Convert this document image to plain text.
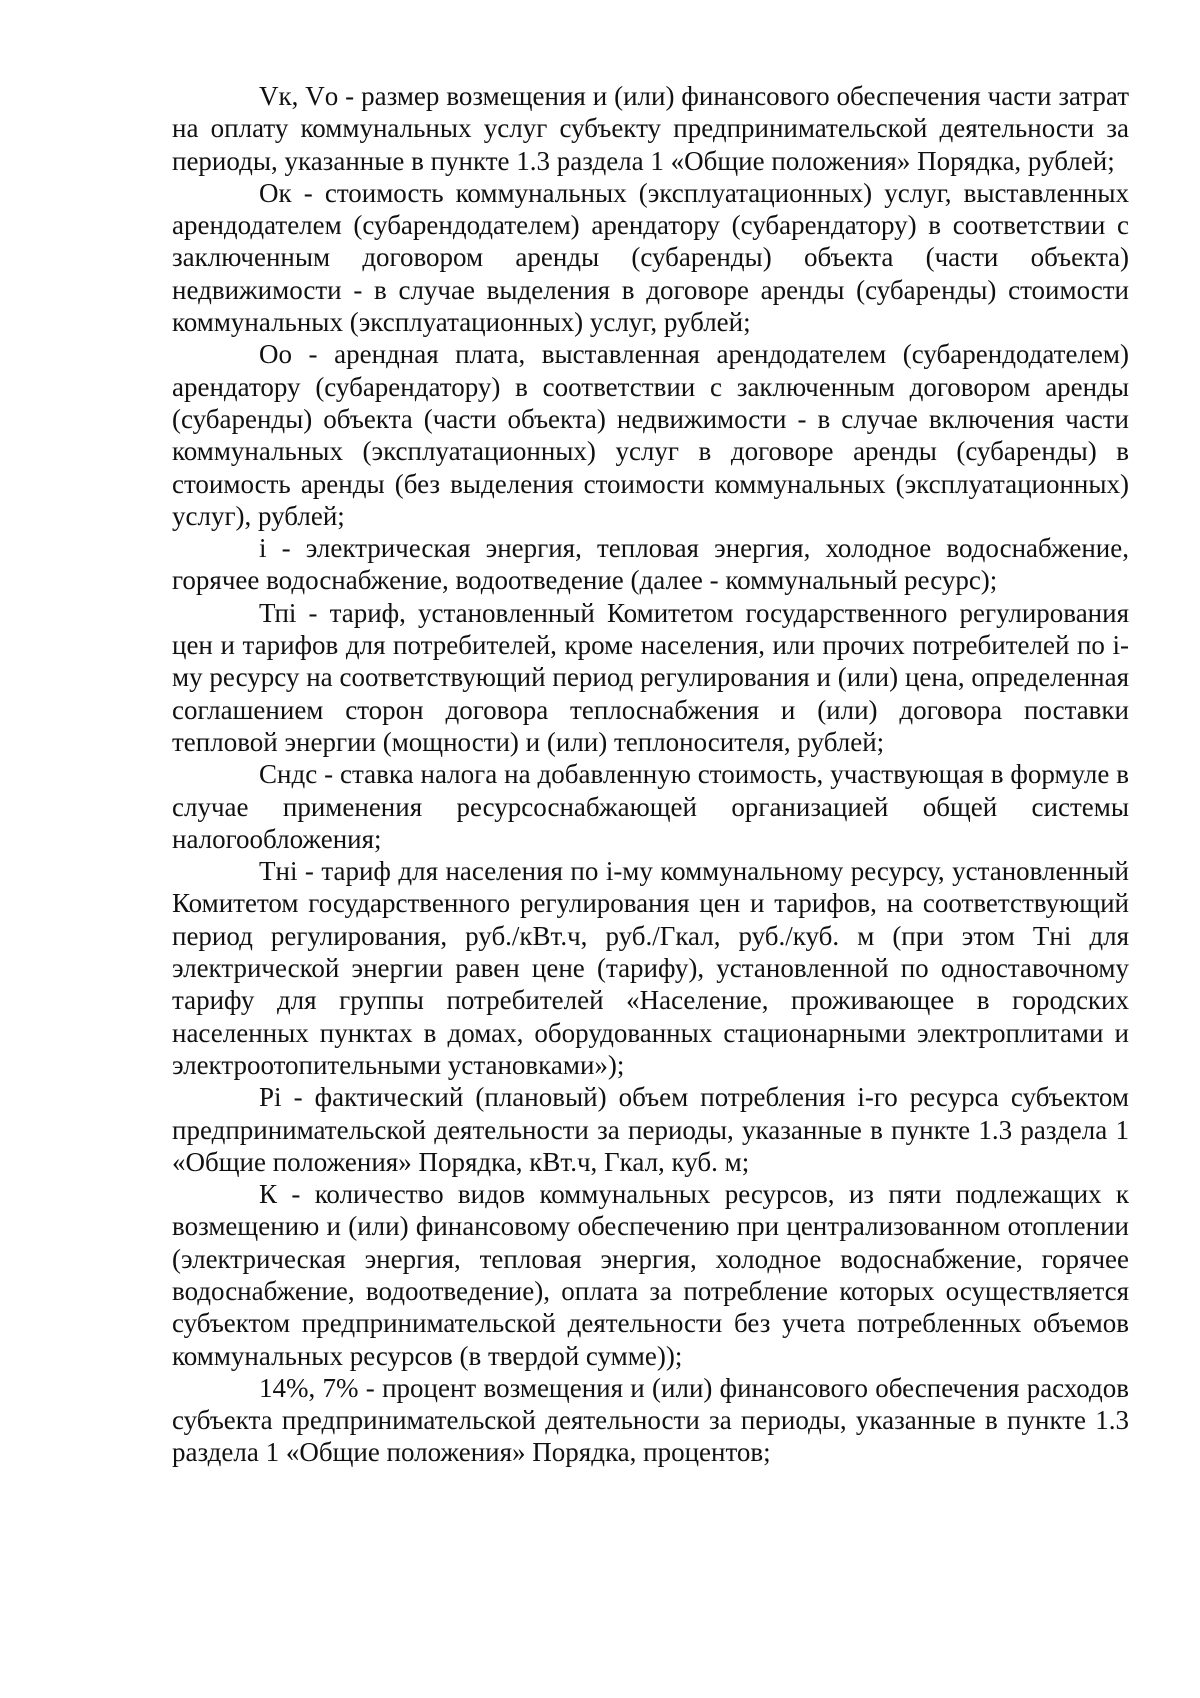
Vк, Vо - размер возмещения и (или) финансового обеспечения части затрат на оплату коммунальных услуг субъекту предпринимательской деятельности за периоды, указанные в пункте 1.3 раздела 1 «Общие положения» Порядка, рублей;

Ок - стоимость коммунальных (эксплуатационных) услуг, выставленных арендодателем (субарендодателем) арендатору (субарендатору) в соответствии с заключенным договором аренды (субаренды) объекта (части объекта) недвижимости - в случае выделения в договоре аренды (субаренды) стоимости коммунальных (эксплуатационных) услуг, рублей;

Оо - арендная плата, выставленная арендодателем (субарендодателем) арендатору (субарендатору) в соответствии с заключенным договором аренды (субаренды) объекта (части объекта) недвижимости - в случае включения части коммунальных (эксплуатационных) услуг в договоре аренды (субаренды) в стоимость аренды (без выделения стоимости коммунальных (эксплуатационных) услуг), рублей;

i - электрическая энергия, тепловая энергия, холодное водоснабжение, горячее водоснабжение, водоотведение (далее - коммунальный ресурс);

Тпi - тариф, установленный Комитетом государственного регулирования цен и тарифов для потребителей, кроме населения, или прочих потребителей по i-му ресурсу на соответствующий период регулирования и (или) цена, определенная соглашением сторон договора теплоснабжения и (или) договора поставки тепловой энергии (мощности) и (или) теплоносителя, рублей;

Cндс - ставка налога на добавленную стоимость, участвующая в формуле в случае применения ресурсоснабжающей организацией общей системы налогообложения;

Тнi - тариф для населения по i-му коммунальному ресурсу, установленный Комитетом государственного регулирования цен и тарифов, на соответствующий период регулирования, руб./кВт.ч, руб./Гкал, руб./куб. м (при этом Тнi для электрической энергии равен цене (тарифу), установленной по одноставочному тарифу для группы потребителей «Население, проживающее в городских населенных пунктах в домах, оборудованных стационарными электроплитами и электроотопительными установками»);

Рi - фактический (плановый) объем потребления i-го ресурса субъектом предпринимательской деятельности за периоды, указанные в пункте 1.3 раздела 1 «Общие положения» Порядка, кВт.ч, Гкал, куб. м;

К - количество видов коммунальных ресурсов, из пяти подлежащих к возмещению и (или) финансовому обеспечению при централизованном отоплении (электрическая энергия, тепловая энергия, холодное водоснабжение, горячее водоснабжение, водоотведение), оплата за потребление которых осуществляется субъектом предпринимательской деятельности без учета потребленных объемов коммунальных ресурсов (в твердой сумме));

14%, 7% - процент возмещения и (или) финансового обеспечения расходов субъекта предпринимательской деятельности за периоды, указанные в пункте 1.3 раздела 1 «Общие положения» Порядка, процентов;
